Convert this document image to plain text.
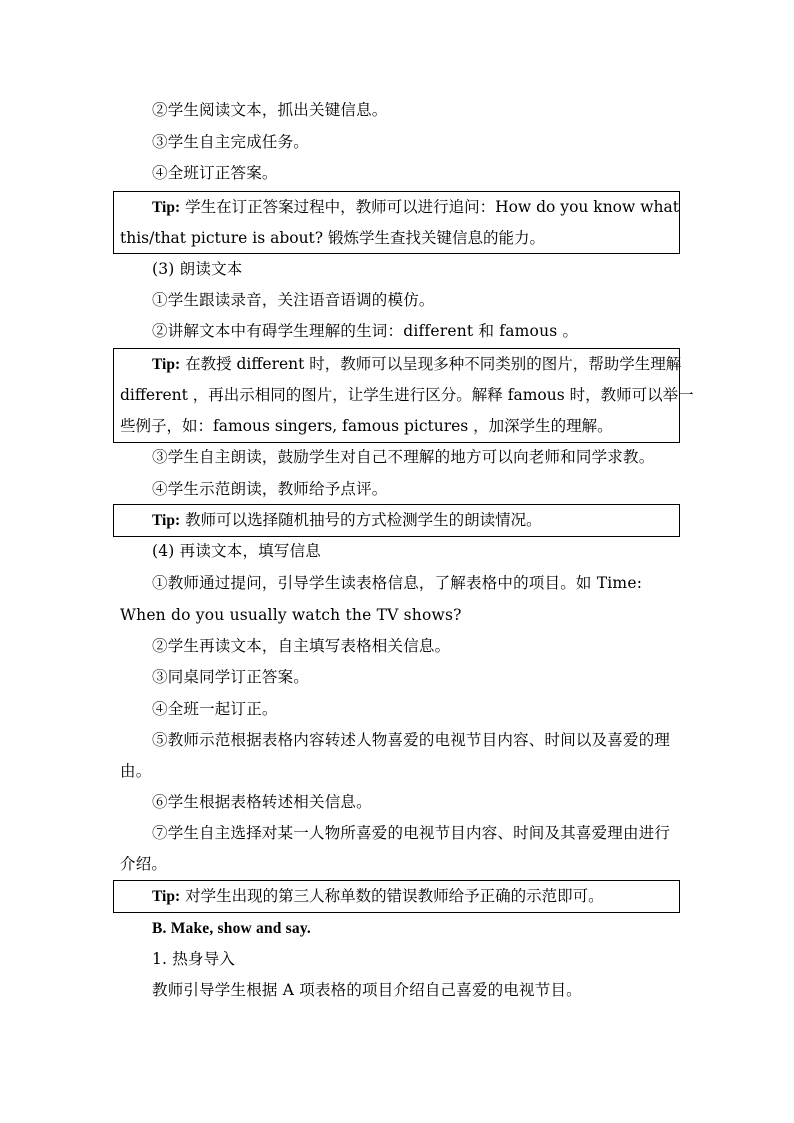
②学生阅读文本，抓出关键信息。
③学生自主完成任务。
④全班订正答案。
Tip: 学生在订正答案过程中，教师可以进行追问：How do you know what
this/that picture is about? 锻炼学生查找关键信息的能力。
(3) 朗读文本
①学生跟读录音，关注语音语调的模仿。
②讲解文本中有碍学生理解的生词：different 和 famous 。
Tip: 在教授 different 时，教师可以呈现多种不同类别的图片，帮助学生理解
different ，再出示相同的图片，让学生进行区分。解释 famous 时，教师可以举一
些例子，如：famous singers, famous pictures ，加深学生的理解。
③学生自主朗读，鼓励学生对自己不理解的地方可以向老师和同学求教。
④学生示范朗读，教师给予点评。
Tip: 教师可以选择随机抽号的方式检测学生的朗读情况。
(4) 再读文本，填写信息
①教师通过提问，引导学生读表格信息，了解表格中的项目。如 Time:
When do you usually watch the TV shows?
②学生再读文本，自主填写表格相关信息。
③同桌同学订正答案。
④全班一起订正。
⑤教师示范根据表格内容转述人物喜爱的电视节目内容、时间以及喜爱的理
由。
⑥学生根据表格转述相关信息。
⑦学生自主选择对某一人物所喜爱的电视节目内容、时间及其喜爱理由进行
介绍。
Tip: 对学生出现的第三人称单数的错误教师给予正确的示范即可。
B. Make, show and say.
1. 热身导入
教师引导学生根据 A 项表格的项目介绍自己喜爱的电视节目。
